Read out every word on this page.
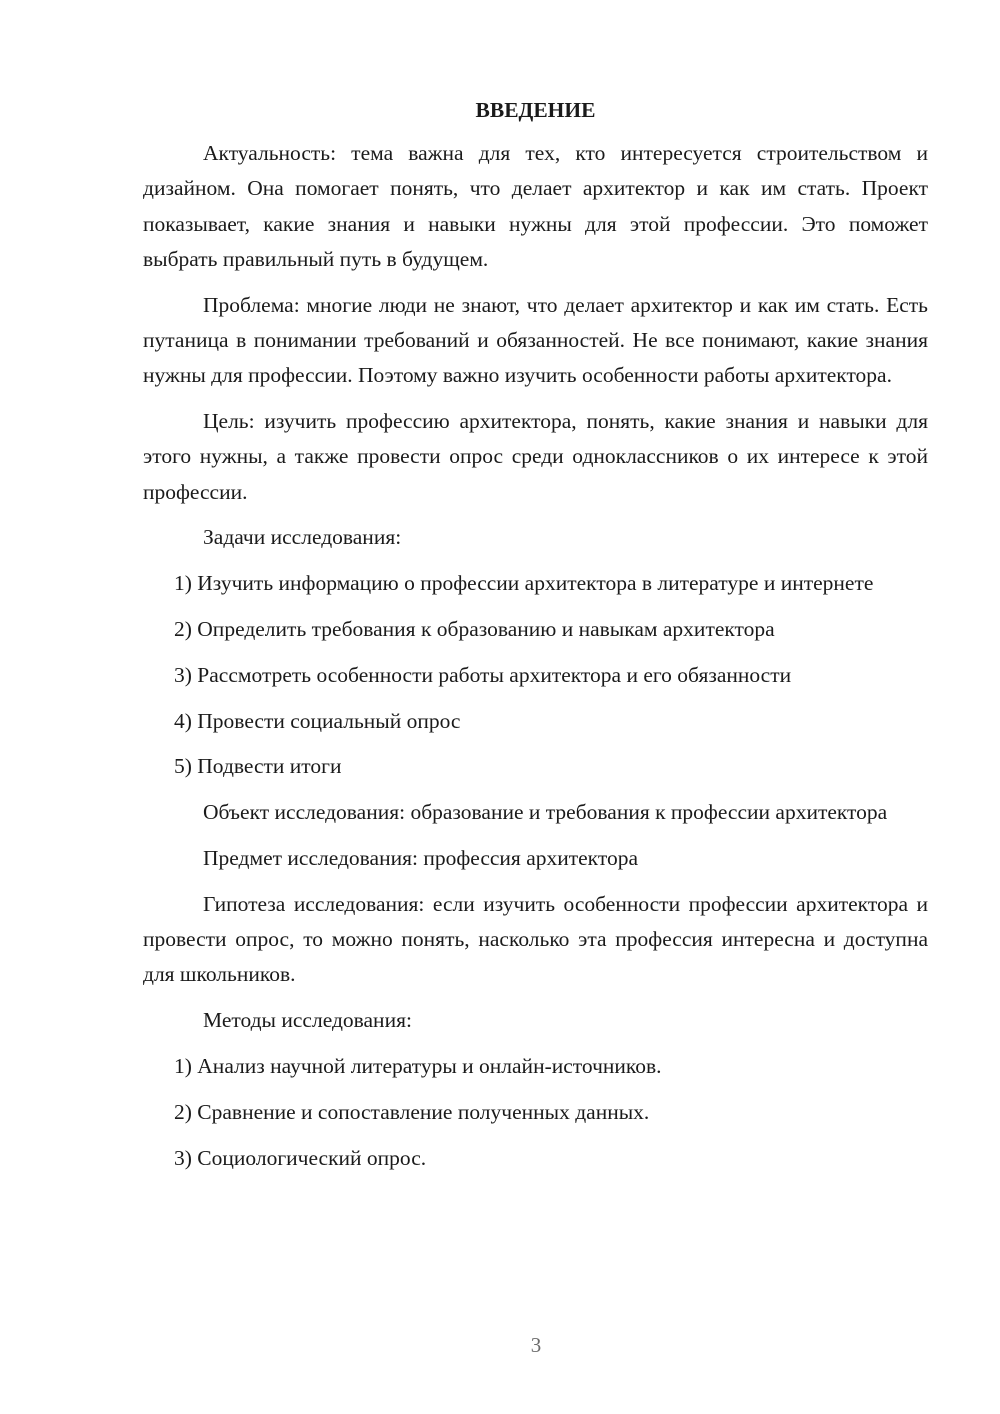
ВВЕДЕНИЕ

Актуальность: тема важна для тех, кто интересуется строительством и дизайном. Она помогает понять, что делает архитектор и как им стать. Проект показывает, какие знания и навыки нужны для этой профессии. Это поможет выбрать правильный путь в будущем.

Проблема: многие люди не знают, что делает архитектор и как им стать. Есть путаница в понимании требований и обязанностей. Не все понимают, какие знания нужны для профессии. Поэтому важно изучить особенности работы архитектора.

Цель: изучить профессию архитектора, понять, какие знания и навыки для этого нужны, а также провести опрос среди одноклассников о их интересе к этой профессии.

Задачи исследования:

1) Изучить информацию о профессии архитектора в литературе и интернете

2) Определить требования к образованию и навыкам архитектора

3) Рассмотреть особенности работы архитектора и его обязанности

4) Провести социальный опрос

5) Подвести итоги

Объект исследования: образование и требования к профессии архитектора

Предмет исследования: профессия архитектора

Гипотеза исследования: если изучить особенности профессии архитектора и провести опрос, то можно понять, насколько эта профессия интересна и доступна для школьников.

Методы исследования:

1) Анализ научной литературы и онлайн-источников.

2) Сравнение и сопоставление полученных данных.

3) Социологический опрос.

3
